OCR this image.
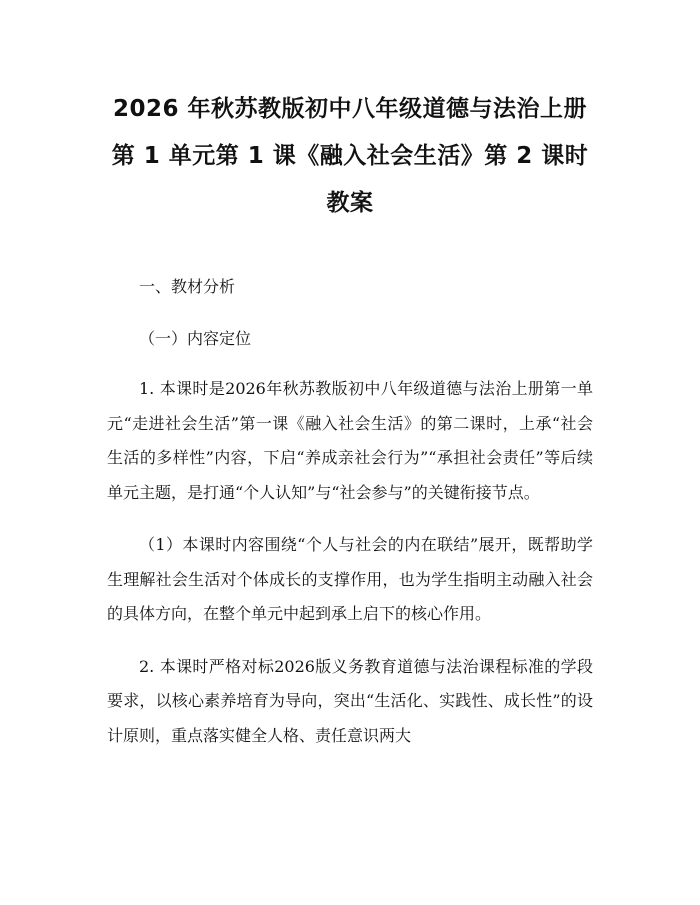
2026 年秋苏教版初中八年级道德与法治上册
第 1 单元第 1 课《融入社会生活》第 2 课时
教案
一、教材分析
（一）内容定位

1. 本课时是2026年秋苏教版初中八年级道德与法治上册第一单元“走进社会生活”第一课《融入社会生活》的第二课时，上承“社会生活的多样性”内容，下启“养成亲社会行为”“承担社会责任”等后续单元主题，是打通“个人认知”与“社会参与”的关键衔接节点。

（1）本课时内容围绕“个人与社会的内在联结”展开，既帮助学生理解社会生活对个体成长的支撑作用，也为学生指明主动融入社会的具体方向，在整个单元中起到承上启下的核心作用。

2. 本课时严格对标2026版义务教育道德与法治课程标准的学段要求，以核心素养培育为导向，突出“生活化、实践性、成长性”的设计原则，重点落实健全人格、责任意识两大
